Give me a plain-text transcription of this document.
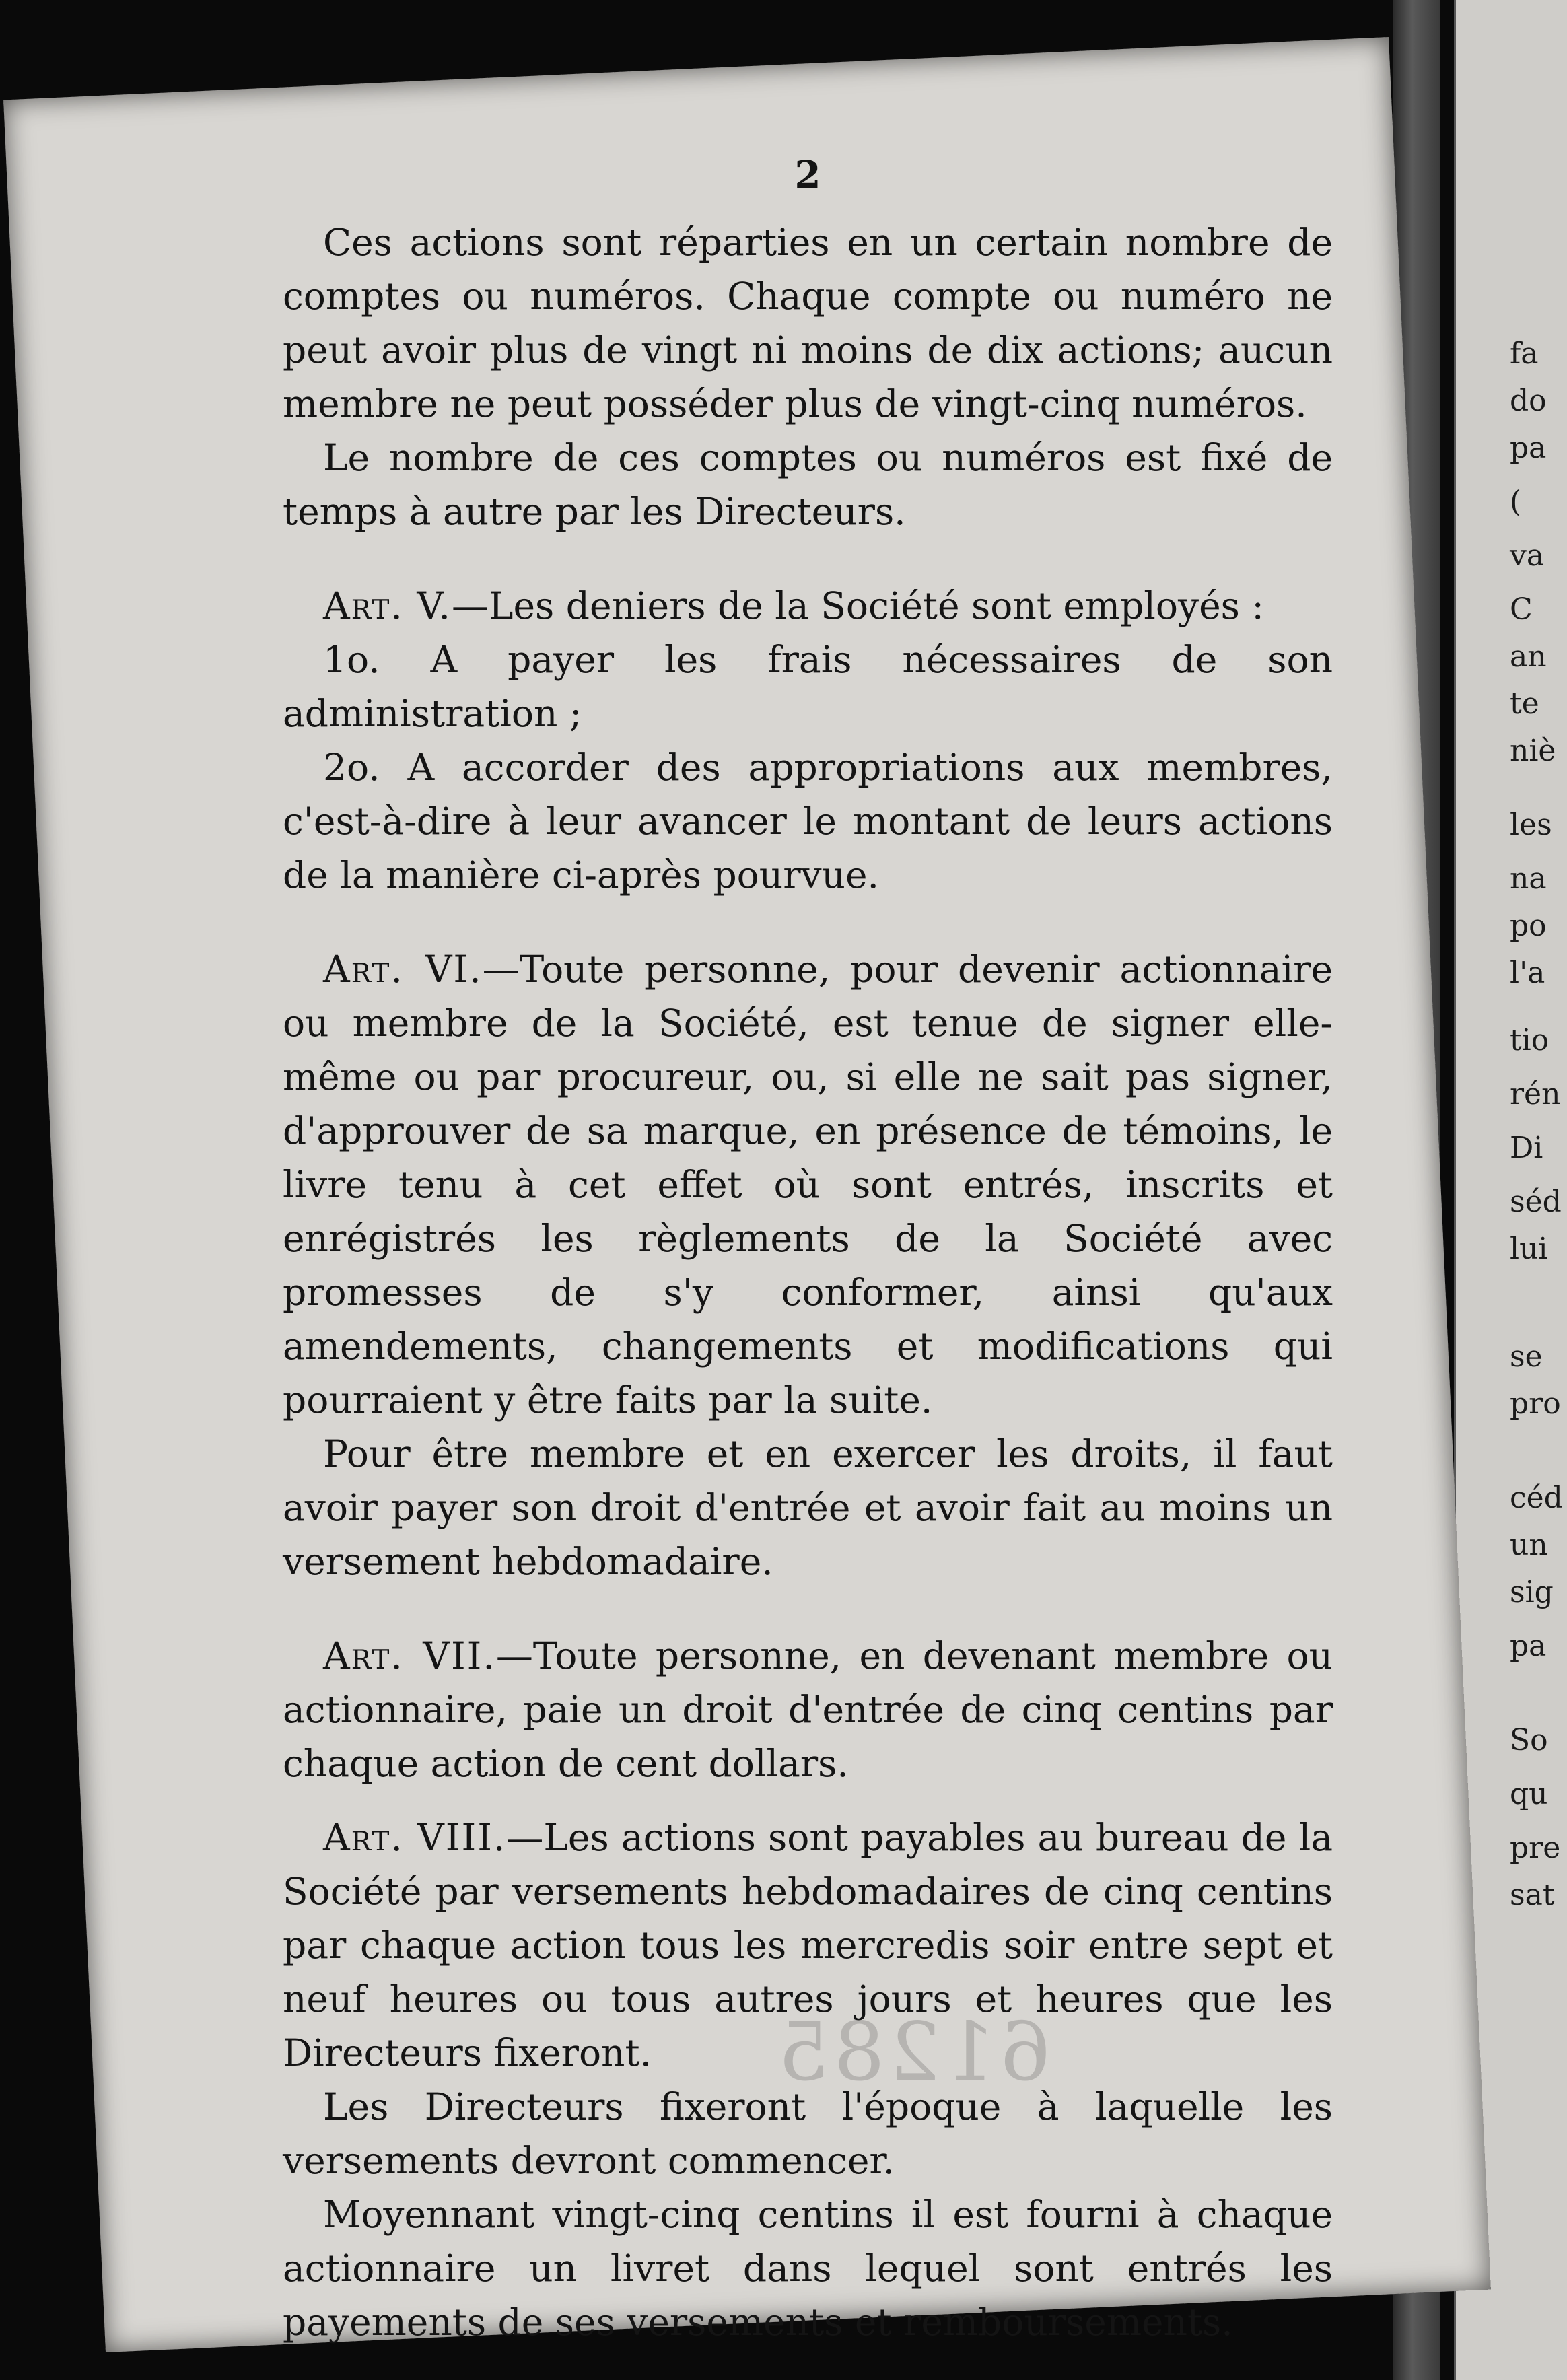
fa
do
pa
(
va
C
an
te
niè
les
na
po
l'a
tio
rén
Di
séd
lui
se
pro
céd
un
sig
pa
So
qu
pre
sat
2

Ces actions sont réparties en un certain nombre de comptes ou numéros. Chaque compte ou numéro ne peut avoir plus de vingt ni moins de dix actions; aucun membre ne peut posséder plus de vingt-cinq numéros.

Le nombre de ces comptes ou numéros est fixé de temps à autre par les Directeurs.

Art. V.—Les deniers de la Société sont employés :

1o. A payer les frais nécessaires de son administration ;

2o. A accorder des appropriations aux membres, c'est-à-dire à leur avancer le montant de leurs actions de la manière ci-après pourvue.

Art. VI.—Toute personne, pour devenir actionnaire ou membre de la Société, est tenue de signer elle-même ou par procureur, ou, si elle ne sait pas signer, d'approuver de sa marque, en présence de témoins, le livre tenu à cet effet où sont entrés, inscrits et enrégistrés les règlements de la Société avec promesses de s'y conformer, ainsi qu'aux amendements, changements et modifications qui pourraient y être faits par la suite.

Pour être membre et en exercer les droits, il faut avoir payer son droit d'entrée et avoir fait au moins un versement hebdomadaire.

Art. VII.—Toute personne, en devenant membre ou actionnaire, paie un droit d'entrée de cinq centins par chaque action de cent dollars.

Art. VIII.—Les actions sont payables au bureau de la Société par versements hebdomadaires de cinq centins par chaque action tous les mercredis soir entre sept et neuf heures ou tous autres jours et heures que les Directeurs fixeront.

Les Directeurs fixeront l'époque à laquelle les versements devront commencer.

Moyennant vingt-cinq centins il est fourni à chaque actionnaire un livret dans lequel sont entrés les payements de ses versements et remboursements.

61285
